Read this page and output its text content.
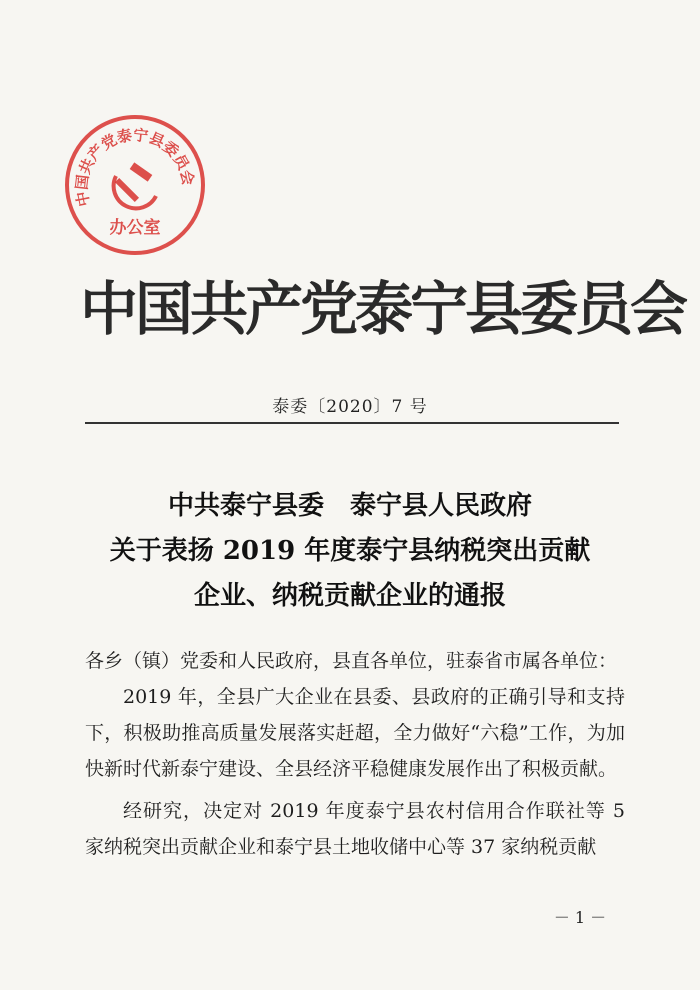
中国共产党泰宁县委员会
办公室
中国共产党泰宁县委员会
泰委〔2020〕7 号
中共泰宁县委 泰宁县人民政府
关于表扬 2019 年度泰宁县纳税突出贡献
企业、纳税贡献企业的通报

各乡（镇）党委和人民政府，县直各单位，驻泰省市属各单位：

2019 年，全县广大企业在县委、县政府的正确引导和支持下，积极助推高质量发展落实赶超，全力做好“六稳”工作，为加快新时代新泰宁建设、全县经济平稳健康发展作出了积极贡献。

经研究，决定对 2019 年度泰宁县农村信用合作联社等 5 家纳税突出贡献企业和泰宁县土地收储中心等 37 家纳税贡献

－ 1 －
